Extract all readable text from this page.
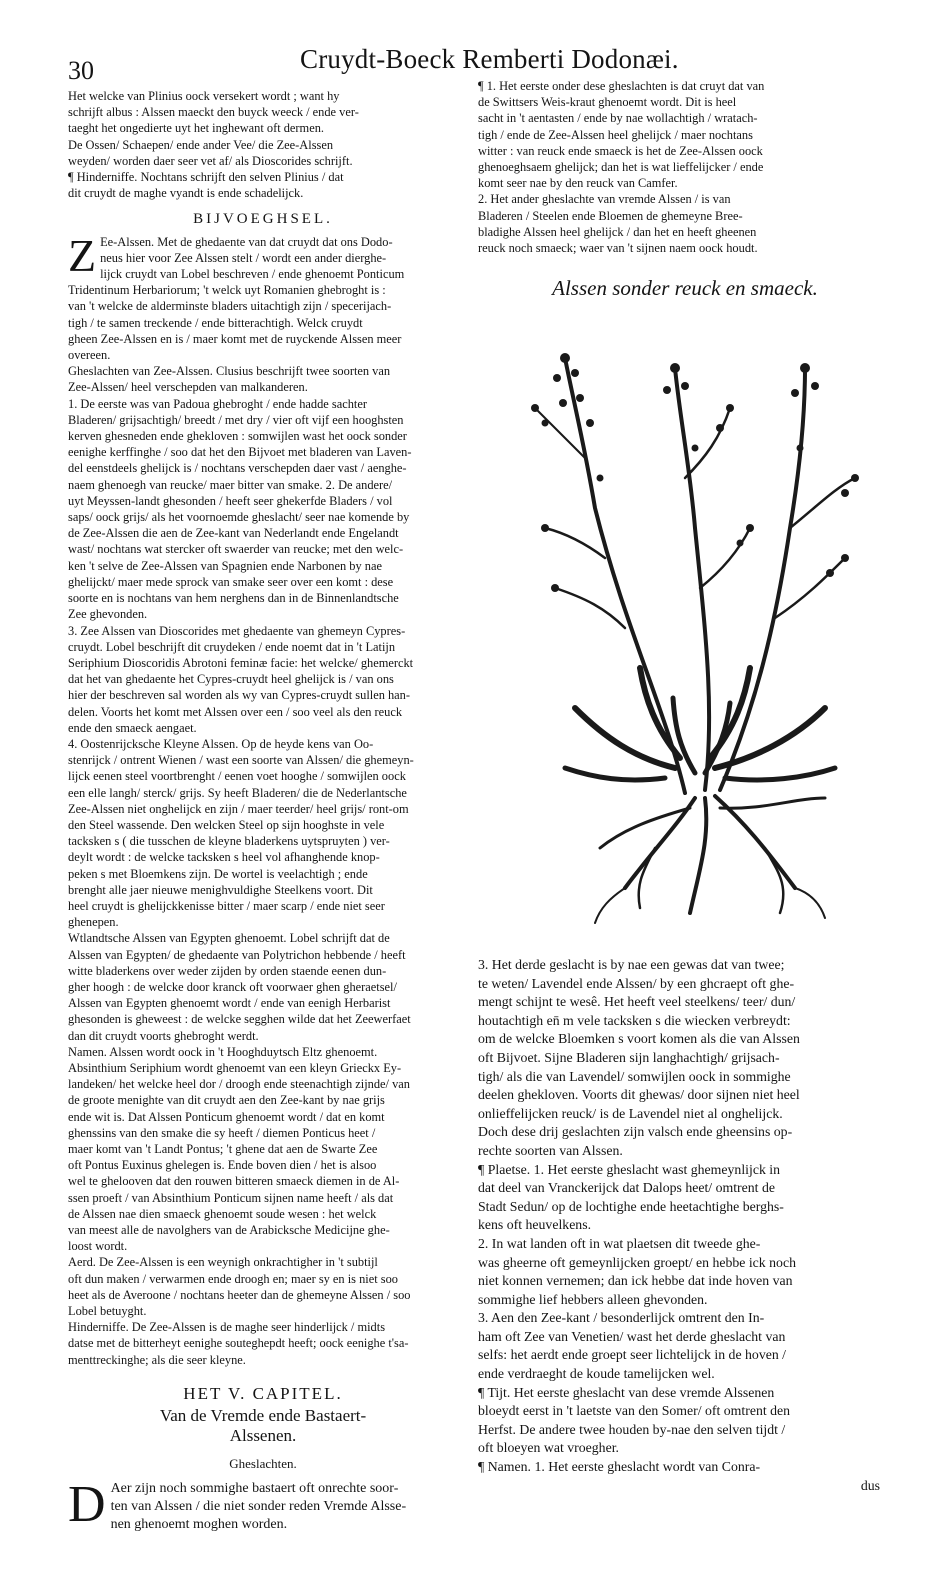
30	Cruydt-Boeck Remberti Dodonæi.
Het welcke van Plinius oock versekert wordt ; want hy
schrijft albus : Alssen maeckt den buyck weeck / ende ver-
taeght het ongedierte uyt het inghewant oft dermen.
De Ossen/ Schaepen/ ende ander Vee/ die Zee-Alssen
weyden/ worden daer seer vet af/ als Dioscorides schrijft.
¶ Hinderniffe. Nochtans schrijft den selven Plinius / dat
dit cruydt de maghe vyandt is ende schadelijck.
BIJVOEGHSEL.
Z Ee-Alssen. Met de ghedaente van dat cruydt dat ons Dodo-
neus hier voor Zee Alssen stelt / wordt een ander dierghe-
lijck cruydt van Lobel beschreven / ende ghenoemt Ponticum
Tridentinum Herbariorum; 't welck uyt Romanien ghebroght is :
van 't welcke de alderminste bladers uitachtigh zijn / specerijach-
tigh / te samen treckende / ende bitterachtigh. Welck cruydt
gheen Zee-Alssen en is / maer komt met de ruyckende Alssen meer
overeen.
Gheslachten van Zee-Alssen. Clusius beschrijft twee soorten van
Zee-Alssen/ heel verschepden van malkanderen.
1. De eerste was van Padoua ghebroght / ende hadde sachter
Bladeren/ grijsachtigh/ breedt / met dry / vier oft vijf een hooghsten
kerven ghesneden ende ghekloven : somwijlen wast het oock sonder
eenighe kerffinghe / soo dat het den Bijvoet met bladeren van Laven-
del eenstdeels ghelijck is / nochtans verschepden daer vast / aenghe-
naem ghenoegh van reucke/ maer bitter van smake. 2. De andere/
uyt Meyssen-landt ghesonden / heeft seer ghekerfde Bladers / vol
saps/ oock grijs/ als het voornoemde gheslacht/ seer nae komende by
de Zee-Alssen die aen de Zee-kant van Nederlandt ende Engelandt
wast/ nochtans wat stercker oft swaerder van reucke; met den welc-
ken 't selve de Zee-Alssen van Spagnien ende Narbonen by nae
ghelijckt/ maer mede sprock van smake seer over een komt : dese
soorte en is nochtans van hem nerghens dan in de Binnenlandtsche
Zee ghevonden.
3. Zee Alssen van Dioscorides met ghedaente van ghemeyn Cypres-
cruydt. Lobel beschrijft dit cruydeken / ende noemt dat in 't Latijn
Seriphium Dioscoridis Abrotoni feminæ facie: het welcke/ ghemerckt
dat het van ghedaente het Cypres-cruydt heel ghelijck is / van ons
hier der beschreven sal worden als wy van Cypres-cruydt sullen han-
delen. Voorts het komt met Alssen over een / soo veel als den reuck
ende den smaeck aengaet.
4. Oostenrijcksche Kleyne Alssen. Op de heyde kens van Oo-
stenrijck / ontrent Wienen / wast een soorte van Alssen/ die ghemeyn-
lijck eenen steel voortbrenght / eenen voet hooghe / somwijlen oock
een elle langh/ sterck/ grijs. Sy heeft Bladeren/ die de Nederlantsche
Zee-Alssen niet onghelijck en zijn / maer teerder/ heel grijs/ ront-om
den Steel wassende. Den welcken Steel op sijn hooghste in vele
tacksken s ( die tusschen de kleyne bladerkens uytspruyten ) ver-
deylt wordt : de welcke tacksken s heel vol afhanghende knop-
peken s met Bloemkens zijn. De wortel is veelachtigh ; ende
brenght alle jaer nieuwe menighvuldighe Steelkens voort. Dit
heel cruydt is ghelijckkenisse bitter / maer scarp / ende niet seer
ghenepen.
Wtlandtsche Alssen van Egypten ghenoemt. Lobel schrijft dat de
Alssen van Egypten/ de ghedaente van Polytrichon hebbende / heeft
witte bladerkens over weder zijden by orden staende eenen dun-
gher hoogh : de welcke door kranck oft voorwaer ghen gheraetsel/
Alssen van Egypten ghenoemt wordt / ende van eenigh Herbarist
ghesonden is gheweest : de welcke segghen wilde dat het Zeewerfaet
dan dit cruydt voorts ghebroght werdt.
Namen. Alssen wordt oock in 't Hooghduytsch Eltz ghenoemt.
Absinthium Seriphium wordt ghenoemt van een kleyn Grieckx Ey-
landeken/ het welcke heel dor / droogh ende steenachtigh zijnde/ van
de groote menighte van dit cruydt aen den Zee-kant by nae grijs
ende wit is. Dat Alssen Ponticum ghenoemt wordt / dat en komt
ghenssins van den smake die sy heeft / diemen Ponticus heet /
maer komt van 't Landt Pontus; 't ghene dat aen de Swarte Zee
oft Pontus Euxinus ghelegen is. Ende boven dien / het is alsoo
wel te ghelooven dat den rouwen bitteren smaeck diemen in de Al-
ssen proeft / van Absinthium Ponticum sijnen name heeft / als dat
de Alssen nae dien smaeck ghenoemt soude wesen : het welck
van meest alle de navolghers van de Arabicksche Medicijne ghe-
loost wordt.
Aerd. De Zee-Alssen is een weynigh onkrachtigher in 't subtijl
oft dun maken / verwarmen ende droogh en; maer sy en is niet soo
heet als de Averoone / nochtans heeter dan de ghemeyne Alssen / soo
Lobel betuyght.
Hinderniffe. De Zee-Alssen is de maghe seer hinderlijck / midts
datse met de bitterheyt eenighe souteghepdt heeft; oock eenighe t'sa-
menttreckinghe; als die seer kleyne.
HET V. CAPITEL.
Van de Vremde ende Bastaert-
Alssenen.
Gheslachten.
D Aer zijn noch sommighe bastaert oft onrechte soor-
ten van Alssen / die niet sonder reden Vremde Alsse-
nen ghenoemt moghen worden.
¶ 1. Het eerste onder dese gheslachten is dat cruyt dat van
de Swittsers Weis-kraut ghenoemt wordt. Dit is heel
sacht in 't aentasten / ende by nae wollachtigh / wratach-
tigh / ende de Zee-Alssen heel ghelijck / maer nochtans
witter : van reuck ende smaeck is het de Zee-Alssen oock
ghenoeghsaem ghelijck; dan het is wat lieffelijcker / ende
komt seer nae by den reuck van Camfer.
2. Het ander gheslachte van vremde Alssen / is van
Bladeren / Steelen ende Bloemen de ghemeyne Bree-
bladighe Alssen heel ghelijck / dan het en heeft gheenen
reuck noch smaeck; waer van 't sijnen naem oock houdt.
Alssen sonder reuck en smaeck.
3. Het derde geslacht is by nae een gewas dat van twee;
te weten/ Lavendel ende Alssen/ by een ghcraept oft ghe-
mengt schijnt te wesê. Het heeft veel steelkens/ teer/ dun/
houtachtigh en̄ m vele tacksken s die wiecken verbreydt:
om de welcke Bloemken s voort komen als die van Alssen
oft Bijvoet. Sijne Bladeren sijn langhachtigh/ grijsach-
tigh/ als die van Lavendel/ somwijlen oock in sommighe
deelen ghekloven. Voorts dit ghewas/ door sijnen niet heel
onlieffelijcken reuck/ is de Lavendel niet al onghelijck.
Doch dese drij geslachten zijn valsch ende gheensins op-
rechte soorten van Alssen.
¶ Plaetse. 1. Het eerste gheslacht wast ghemeynlijck in
dat deel van Vranckerijck dat Dalops heet/ omtrent de
Stadt Sedun/ op de lochtighe ende heetachtighe berghs-
kens oft heuvelkens.
2. In wat landen oft in wat plaetsen dit tweede ghe-
was gheerne oft gemeynlijcken groept/ en hebbe ick noch
niet konnen vernemen; dan ick hebbe dat inde hoven van
sommighe lief hebbers alleen ghevonden.
3. Aen den Zee-kant / besonderlijck omtrent den In-
ham oft Zee van Venetien/ wast het derde gheslacht van
selfs: het aerdt ende groept seer lichtelijck in de hoven /
ende verdraeght de koude tamelijcken wel.
¶ Tijt. Het eerste gheslacht van dese vremde Alssenen
bloeydt eerst in 't laetste van den Somer/ oft omtrent den
Herfst. De andere twee houden by-nae den selven tijdt /
oft bloeyen wat vroegher.
¶ Namen. 1. Het eerste gheslacht wordt van Conra-
dus
